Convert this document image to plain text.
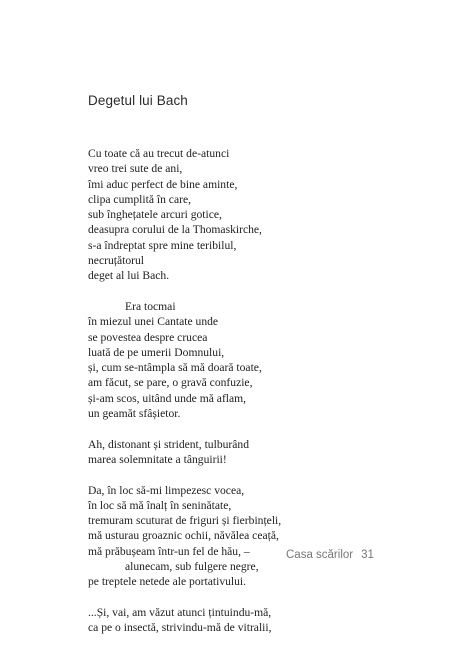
Degetul lui Bach
Cu toate că au trecut de-atunci
vreo trei sute de ani,
îmi aduc perfect de bine aminte,
clipa cumplită în care,
sub înghețatele arcuri gotice,
deasupra corului de la Thomaskirche,
s-a îndreptat spre mine teribilul,
necruțătorul
deget al lui Bach.
Era tocmai
în miezul unei Cantate unde
se povestea despre crucea
luată de pe umerii Domnului,
și, cum se-ntâmpla să mă doară toate,
am făcut, se pare, o gravă confuzie,
și-am scos, uitând unde mă aflam,
un geamăt sfâșietor.
Ah, distonant și strident, tulburând
marea solemnitate a tânguirii!
Da, în loc să-mi limpezesc vocea,
în loc să mă înalț în seninătate,
tremuram scuturat de friguri și fierbințeli,
mă usturau groaznic ochii, năvălea ceață,
mă prăbușeam într-un fel de hău, –
alunecam, sub fulgere negre,
pe treptele netede ale portativului.
...Și, vai, am văzut atunci țintuindu-mă,
ca pe o insectă, strivindu-mă de vitralii,
Casa scărilor 31
